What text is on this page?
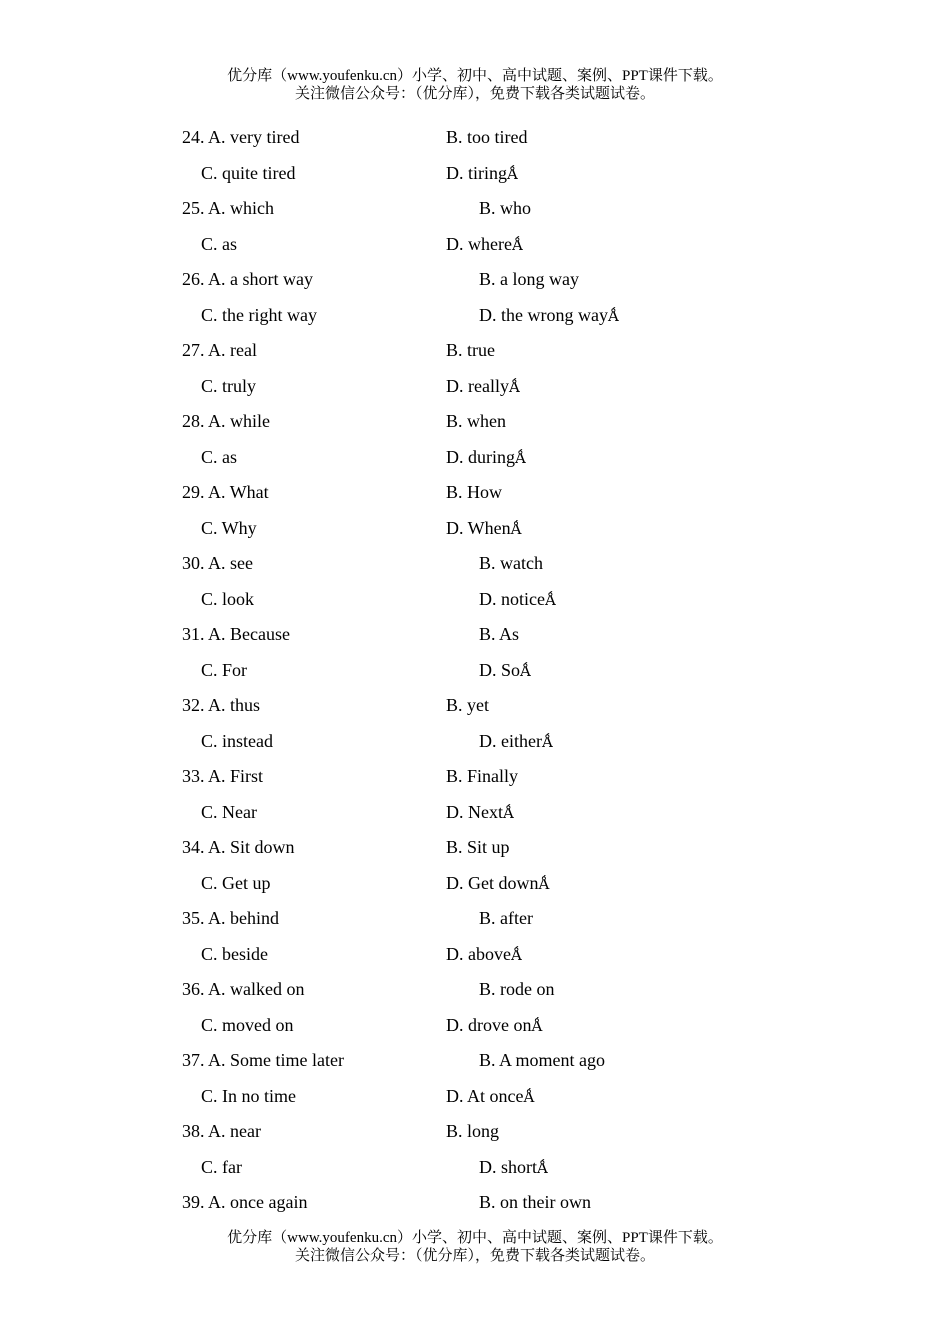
优分库（www.youfenku.cn）小学、初中、高中试题、案例、PPT课件下载。
关注微信公众号：（优分库），免费下载各类试题试卷。
24. A. very tired	B. too tired
C. quite tired	D. tiringǺ
25. A. which	B. who
C. as	D. whereǺ
26. A. a short way	B. a long way
C. the right way	D. the wrong wayǺ
27. A. real	B. true
C. truly	D. reallyǺ
28. A. while	B. when
C. as	D. duringǺ
29. A. What	B. How
C. Why	D. WhenǺ
30. A. see	B. watch
C. look	D. noticeǺ
31. A. Because	B. As
C. For	D. SoǺ
32. A. thus	B. yet
C. instead	D. eitherǺ
33. A. First	B. Finally
C. Near	D. NextǺ
34. A. Sit down	B. Sit up
C. Get up	D. Get downǺ
35. A. behind	B. after
C. beside	D. aboveǺ
36. A. walked on	B. rode on
C. moved on	D. drove onǺ
37. A. Some time later	B. A moment ago
C. In no time	D. At onceǺ
38. A. near	B. long
C. far	D. shortǺ
39. A. once again	B. on their own
优分库（www.youfenku.cn）小学、初中、高中试题、案例、PPT课件下载。
关注微信公众号：（优分库），免费下载各类试题试卷。
